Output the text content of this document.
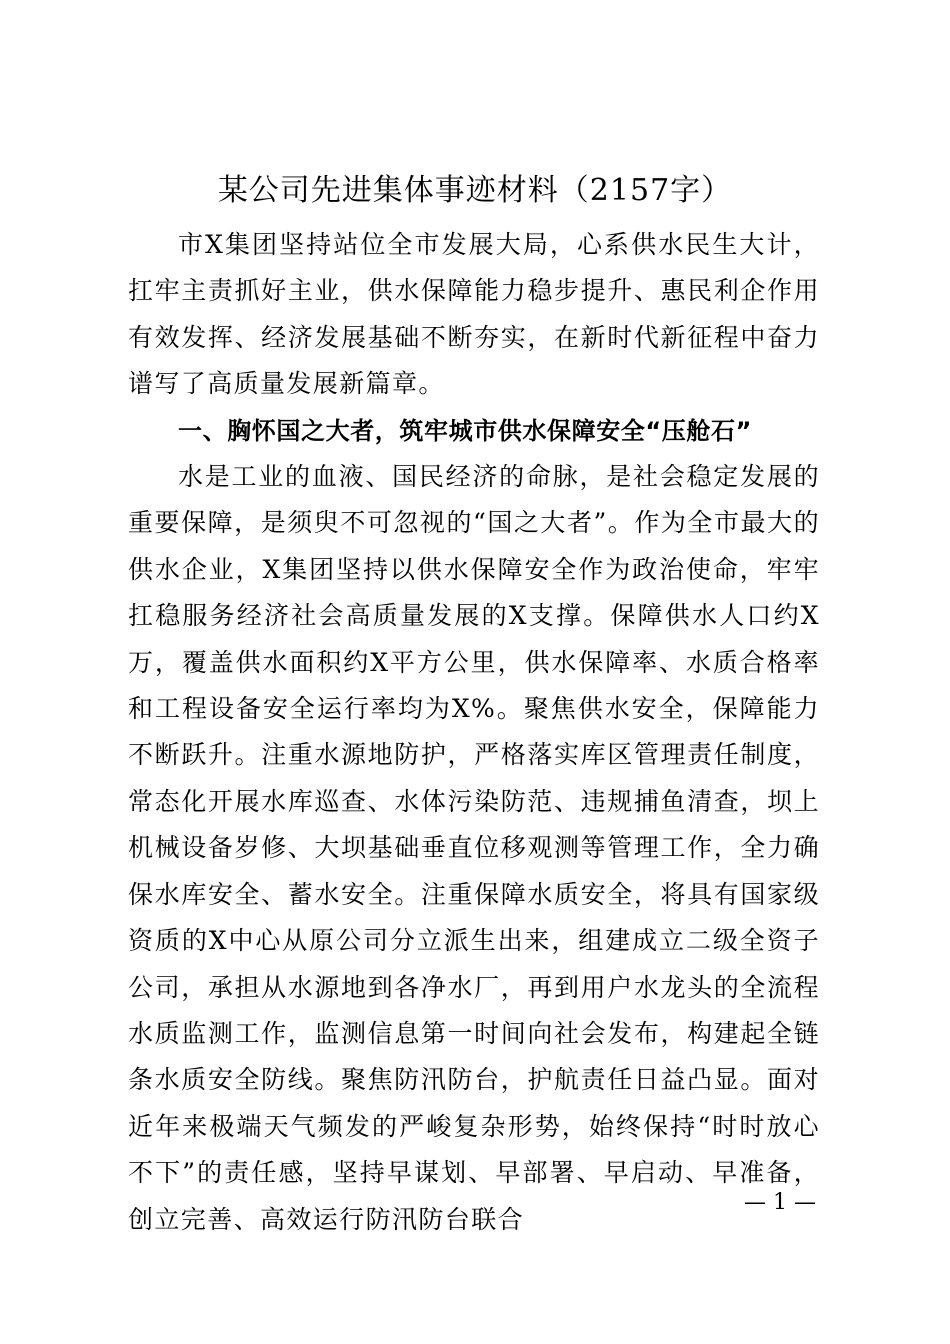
某公司先进集体事迹材料（2157字）

市X集团坚持站位全市发展大局，心系供水民生大计，扛牢主责抓好主业，供水保障能力稳步提升、惠民利企作用有效发挥、经济发展基础不断夯实，在新时代新征程中奋力谱写了高质量发展新篇章。

一、胸怀国之大者，筑牢城市供水保障安全“压舱石”

水是工业的血液、国民经济的命脉，是社会稳定发展的重要保障，是须臾不可忽视的“国之大者”。作为全市最大的供水企业，X集团坚持以供水保障安全作为政治使命，牢牢扛稳服务经济社会高质量发展的X支撑。保障供水人口约X万，覆盖供水面积约X平方公里，供水保障率、水质合格率和工程设备安全运行率均为X%。聚焦供水安全，保障能力不断跃升。注重水源地防护，严格落实库区管理责任制度，常态化开展水库巡查、水体污染防范、违规捕鱼清查，坝上机械设备岁修、大坝基础垂直位移观测等管理工作，全力确保水库安全、蓄水安全。注重保障水质安全，将具有国家级资质的X中心从原公司分立派生出来，组建成立二级全资子公司，承担从水源地到各净水厂，再到用户水龙头的全流程水质监测工作，监测信息第一时间向社会发布，构建起全链条水质安全防线。聚焦防汛防台，护航责任日益凸显。面对近年来极端天气频发的严峻复杂形势，始终保持“时时放心不下”的责任感，坚持早谋划、早部署、早启动、早准备，创立完善、高效运行防汛防台联合

— 1 —
